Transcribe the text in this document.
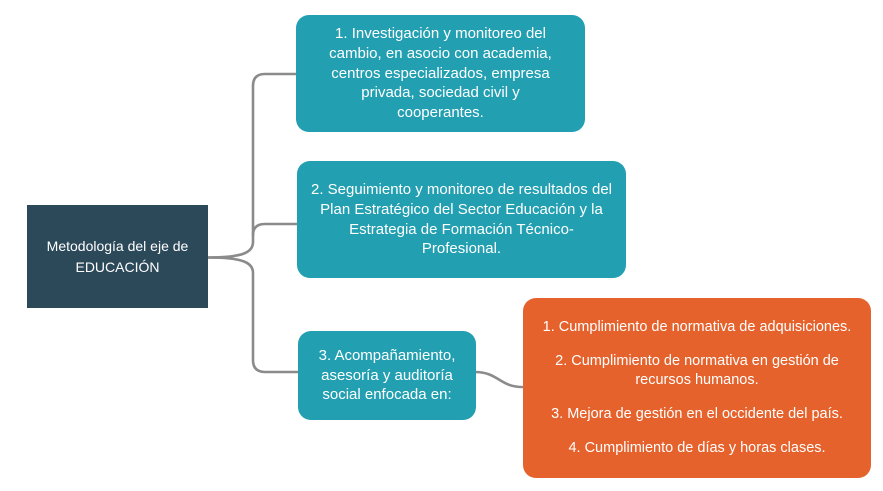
Metodología del eje de EDUCACIÓN
1. Investigación y monitoreo del cambio, en asocio con academia, centros especializados, empresa privada, sociedad civil y cooperantes.
2. Seguimiento y monitoreo de resultados del Plan Estratégico del Sector Educación y la Estrategia de Formación Técnico-Profesional.
3. Acompañamiento, asesoría y auditoría social enfocada en:
1. Cumplimiento de normativa de adquisiciones.
2. Cumplimiento de normativa en gestión de recursos humanos.
3. Mejora de gestión en el occidente del país.
4. Cumplimiento de días y horas clases.
